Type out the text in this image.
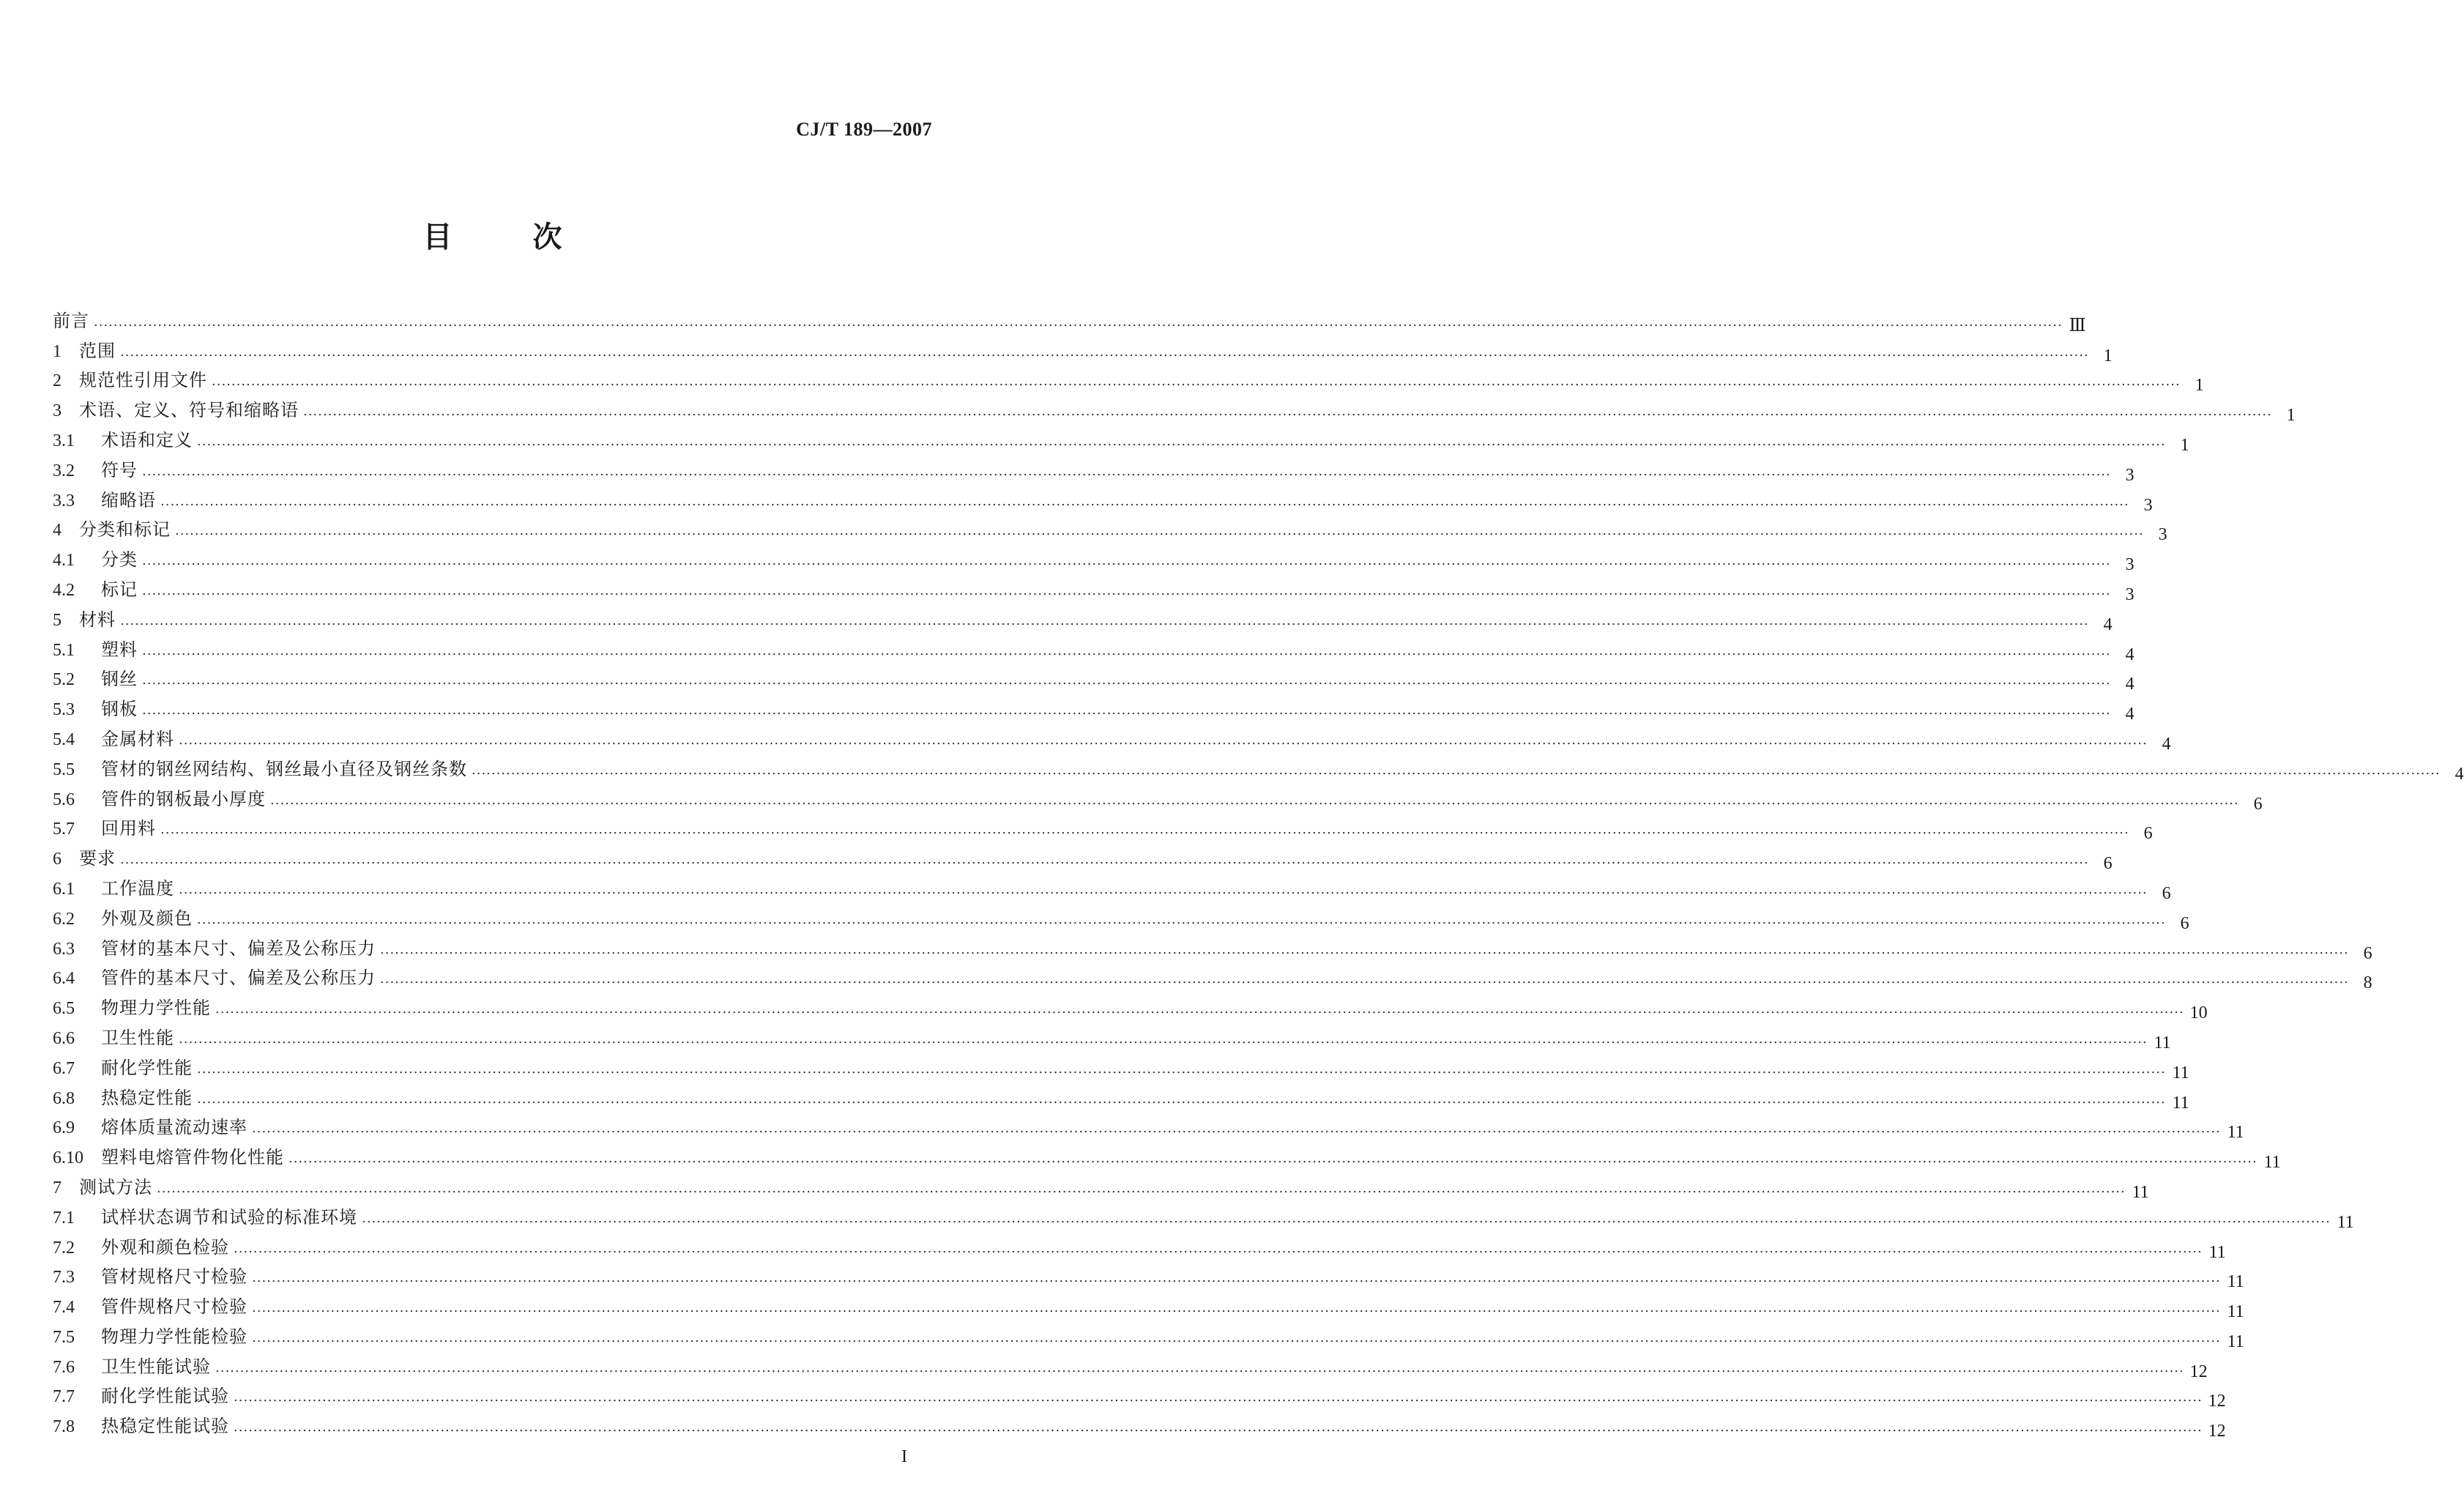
CJ/T 189—2007
目次
前言 ................................................................................................................................................................................................................................................................................................................................................................................................................ Ⅲ
1	范围 ................................................................................................................................................................................................................................................................................................................................................................................................................ 1
2	规范性引用文件 ................................................................................................................................................................................................................................................................................................................................................................................................................ 1
3	术语、定义、符号和缩略语 ................................................................................................................................................................................................................................................................................................................................................................................................................ 1
3.1	术语和定义 ................................................................................................................................................................................................................................................................................................................................................................................................................ 1
3.2	符号 ................................................................................................................................................................................................................................................................................................................................................................................................................ 3
3.3	缩略语 ................................................................................................................................................................................................................................................................................................................................................................................................................ 3
4	分类和标记 ................................................................................................................................................................................................................................................................................................................................................................................................................ 3
4.1	分类 ................................................................................................................................................................................................................................................................................................................................................................................................................ 3
4.2	标记 ................................................................................................................................................................................................................................................................................................................................................................................................................ 3
5	材料 ................................................................................................................................................................................................................................................................................................................................................................................................................ 4
5.1	塑料 ................................................................................................................................................................................................................................................................................................................................................................................................................ 4
5.2	钢丝 ................................................................................................................................................................................................................................................................................................................................................................................................................ 4
5.3	钢板 ................................................................................................................................................................................................................................................................................................................................................................................................................ 4
5.4	金属材料 ................................................................................................................................................................................................................................................................................................................................................................................................................ 4
5.5	管材的钢丝网结构、钢丝最小直径及钢丝条数 ................................................................................................................................................................................................................................................................................................................................................................................................................ 4
5.6	管件的钢板最小厚度 ................................................................................................................................................................................................................................................................................................................................................................................................................ 6
5.7	回用料 ................................................................................................................................................................................................................................................................................................................................................................................................................ 6
6	要求 ................................................................................................................................................................................................................................................................................................................................................................................................................ 6
6.1	工作温度 ................................................................................................................................................................................................................................................................................................................................................................................................................ 6
6.2	外观及颜色 ................................................................................................................................................................................................................................................................................................................................................................................................................ 6
6.3	管材的基本尺寸、偏差及公称压力 ................................................................................................................................................................................................................................................................................................................................................................................................................ 6
6.4	管件的基本尺寸、偏差及公称压力 ................................................................................................................................................................................................................................................................................................................................................................................................................ 8
6.5	物理力学性能 ................................................................................................................................................................................................................................................................................................................................................................................................................ 10
6.6	卫生性能 ................................................................................................................................................................................................................................................................................................................................................................................................................ 11
6.7	耐化学性能 ................................................................................................................................................................................................................................................................................................................................................................................................................ 11
6.8	热稳定性能 ................................................................................................................................................................................................................................................................................................................................................................................................................ 11
6.9	熔体质量流动速率 ................................................................................................................................................................................................................................................................................................................................................................................................................ 11
6.10	塑料电熔管件物化性能 ................................................................................................................................................................................................................................................................................................................................................................................................................ 11
7	测试方法 ................................................................................................................................................................................................................................................................................................................................................................................................................ 11
7.1	试样状态调节和试验的标准环境 ................................................................................................................................................................................................................................................................................................................................................................................................................ 11
7.2	外观和颜色检验 ................................................................................................................................................................................................................................................................................................................................................................................................................ 11
7.3	管材规格尺寸检验 ................................................................................................................................................................................................................................................................................................................................................................................................................ 11
7.4	管件规格尺寸检验 ................................................................................................................................................................................................................................................................................................................................................................................................................ 11
7.5	物理力学性能检验 ................................................................................................................................................................................................................................................................................................................................................................................................................ 11
7.6	卫生性能试验 ................................................................................................................................................................................................................................................................................................................................................................................................................ 12
7.7	耐化学性能试验 ................................................................................................................................................................................................................................................................................................................................................................................................................ 12
7.8	热稳定性能试验 ................................................................................................................................................................................................................................................................................................................................................................................................................ 12
I
